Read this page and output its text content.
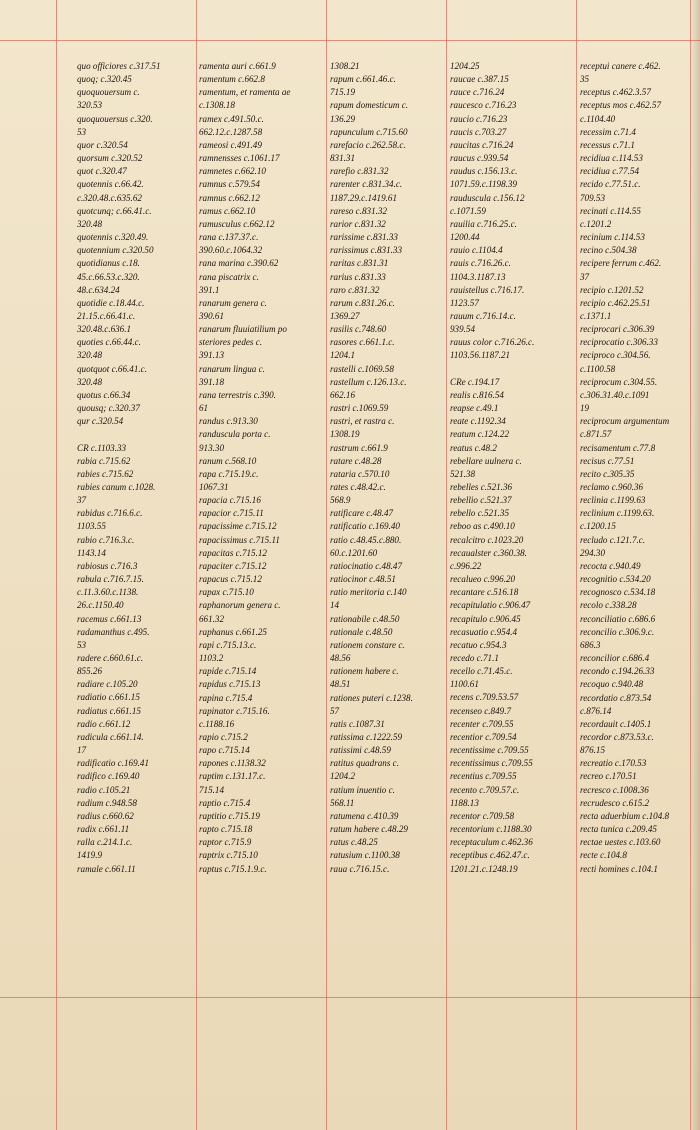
quo officiores c.317.51
quoq; c.320.45
quoquouersum c.
320.53
quoquouersus c.320.
53
quor c.320.54
quorsum c.320.52
quot c.320.47
quotennis c.66.42.
c.320.48.c.635.62
quotcunq; c.66.41.c.
320.48
quotennis c.320.49.
quotennium c.320.50
quotidianus c.18.
45.c.66.53.c.320.
48.c.634.24
quotidie c.18.44.c.
21.15.c.66.41.c.
320.48.c.636.1
quoties c.66.44.c.
320.48
quotquot c.66.41.c.
320.48
quotus c.66.34
quousq; c.320.37
qur c.320.54
CR c.1103.33
rabia c.715.62
rabies c.715.62
rabies canum c.1028.
37
rabidus c.716.6.c.
1103.55
rabio c.716.3.c.
1143.14
rabiosus c.716.3
rabula c.716.7.15.
c.11.3.60.c.1138.
26.c.1150.40
racemus c.661.13
radamanthus c.495.
53
radere c.660.61.c.
855.26
radiare c.105.20
radiatio c.661.15
radiatus c.661.15
radio c.661.12
radicula c.661.14.
17
radificatio c.169.41
radifico c.169.40
radio c.105.21
radium c.948.58
radius c.660.62
radix c.661.11
ralla c.214.1.c.
1419.9
ramale c.661.11
ramenta auri c.661.9
ramentum c.662.8
ramentum, et ramenta ae
c.1308.18
ramex c.491.50.c.
662.12.c.1287.58
rameosi c.491.49
ramnensses c.1061.17
ramnetes c.662.10
ramnus c.579.54
ramnus c.662.12
ramus c.662.10
ramusculus c.662.12
rana c.137.37.c.
390.60.c.1064.32
rana marina c.390.62
rana piscatrix c.
391.1
ranarum genera c.
390.61
ranarum fluuiatilium po
steriores pedes c.
391.13
ranarum lingua c.
391.18
rana terrestris c.390.
61
randus c.913.30
randuscula porta c.
913.30
ranum c.568.10
rapa c.715.19.c.
1067.31
rapacia c.715.16
rapacior c.715.11
rapacissime c.715.12
rapacissimus c.715.11
rapacitas c.715.12
rapaciter c.715.12
rapacus c.715.12
rapax c.715.10
raphanorum genera c.
661.32
raphanus c.661.25
rapi c.715.13.c.
1103.2
rapide c.715.14
rapidus c.715.13
rapina c.715.4
rapinator c.715.16.
c.1188.16
rapio c.715.2
rapo c.715.14
rapones c.1138.32
raptim c.131.17.c.
715.14
raptio c.715.4
raptitio c.715.19
rapto c.715.18
raptor c.715.9
raptrix c.715.10
raptus c.715.1.9.c.
1308.21
rapum c.661.46.c.
715.19
rapum domesticum c.
136.29
rapunculum c.715.60
rarefacio c.262.58.c.
831.31
rarefio c.831.32
rarenter c.831.34.c.
1187.29.c.1419.61
rareso c.831.32
rarior c.831.32
rarissime c.831.33
rarissimus c.831.33
raritas c.831.31
rarius c.831.33
raro c.831.32
rarum c.831.26.c.
1369.27
rasilis c.748.60
rasores c.661.1.c.
1204.1
rastelli c.1069.58
rastellum c.126.13.c.
662.16
rastri c.1069.59
rastri, et rastra c.
1308.19
rastrum c.661.9
ratare c.48.28
rataria c.570.10
rates c.48.42.c.
568.9
ratificare c.48.47
ratificatio c.169.40
ratio c.48.45.c.880.
60.c.1201.60
ratiocinatio c.48.47
ratiocinor c.48.51
ratio meritoria c.140
14
rationabile c.48.50
rationale c.48.50
rationem constare c.
48.56
rationem habere c.
48.51
rationes puteri c.1238.
57
ratis c.1087.31
ratissima c.1222.59
ratissimi c.48.59
ratitus quadrans c.
1204.2
ratium inuentio c.
568.11
ratumena c.410.39
ratum habere c.48.29
ratus c.48.25
ratusium c.1100.38
raua c.716.15.c.
1204.25
raucae c.387.15
rauce c.716.24
raucesco c.716.23
raucio c.716.23
raucis c.703.27
raucitas c.716.24
raucus c.939.54
raudus c.156.13.c.
1071.59.c.1198.39
rauduscula c.156.12
c.1071.59
rauilia c.716.25.c.
1200.44
rauio c.1104.4
rauis c.716.26.c.
1104.3.1187.13
rauistellus c.716.17.
1123.57
rauum c.716.14.c.
939.54
rauus color c.716.26.c.
1103.56.1187.21
CRe c.194.17
realis c.816.54
reapse c.49.1
reate c.1192.34
reatum c.124.22
reatus c.48.2
rebellare uulnera c.
521.38
rebelles c.521.36
rebellio c.521.37
rebello c.521.35
reboo as c.490.10
recalcitro c.1023.20
recaualster c.360.38.
c.996.22
recalueo c.996.20
recantare c.516.18
recapitulatio c.906.47
recapitulo c.906.45
recasuatio c.954.4
recatuo c.954.3
recedo c.71.1
recello c.71.45.c.
1100.61
recens c.709.53.57
recenseo c.849.7
recenter c.709.55
recentior c.709.54
recentissime c.709.55
recentissimus c.709.55
recentius c.709.55
recento c.709.57.c.
1188.13
recentor c.709.58
recentorium c.1188.30
receptaculum c.462.36
receptibus c.462.47.c.
1201.21.c.1248.19
receptui canere c.462.
35
receptus c.462.3.57
receptus mos c.462.57
c.1104.40
recessim c.71.4
recessus c.71.1
recidiua c.114.53
recidiua c.77.54
recido c.77.51.c.
709.53
recinati c.114.55
c.1201.2
recinium c.114.53
recino c.504.38
recipere ferrum c.462.
37
recipio c.1201.52
recipio c.462.25.51
c.1371.1
reciprocari c.306.39
reciprocatio c.306.33
reciproco c.304.56.
c.1100.58
reciprocum c.304.55.
c.306.31.40.c.1091
19
reciprocum argumentum
c.871.57
recisamentum c.77.8
recisus c.77.51
recito c.305.35
reclamo c.960.36
reclinia c.1199.63
reclinium c.1199.63.
c.1200.15
recludo c.121.7.c.
294.30
recocta c.940.49
recognitio c.534.20
recognosco c.534.18
recolo c.338.28
reconciliatio c.686.6
reconcilio c.306.9.c.
686.3
reconcilior c.686.4
recondo c.194.26.33
recoquo c.940.48
recordatio c.873.54
c.876.14
recordauit c.1405.1
recordor c.873.53.c.
876.15
recreatio c.170.53
recreo c.170.51
recresco c.1008.36
recrudesco c.615.2
recta aduerbium c.104.8
recta tunica c.209.45
rectae uestes c.103.60
recte c.104.8
recti homines c.104.1
